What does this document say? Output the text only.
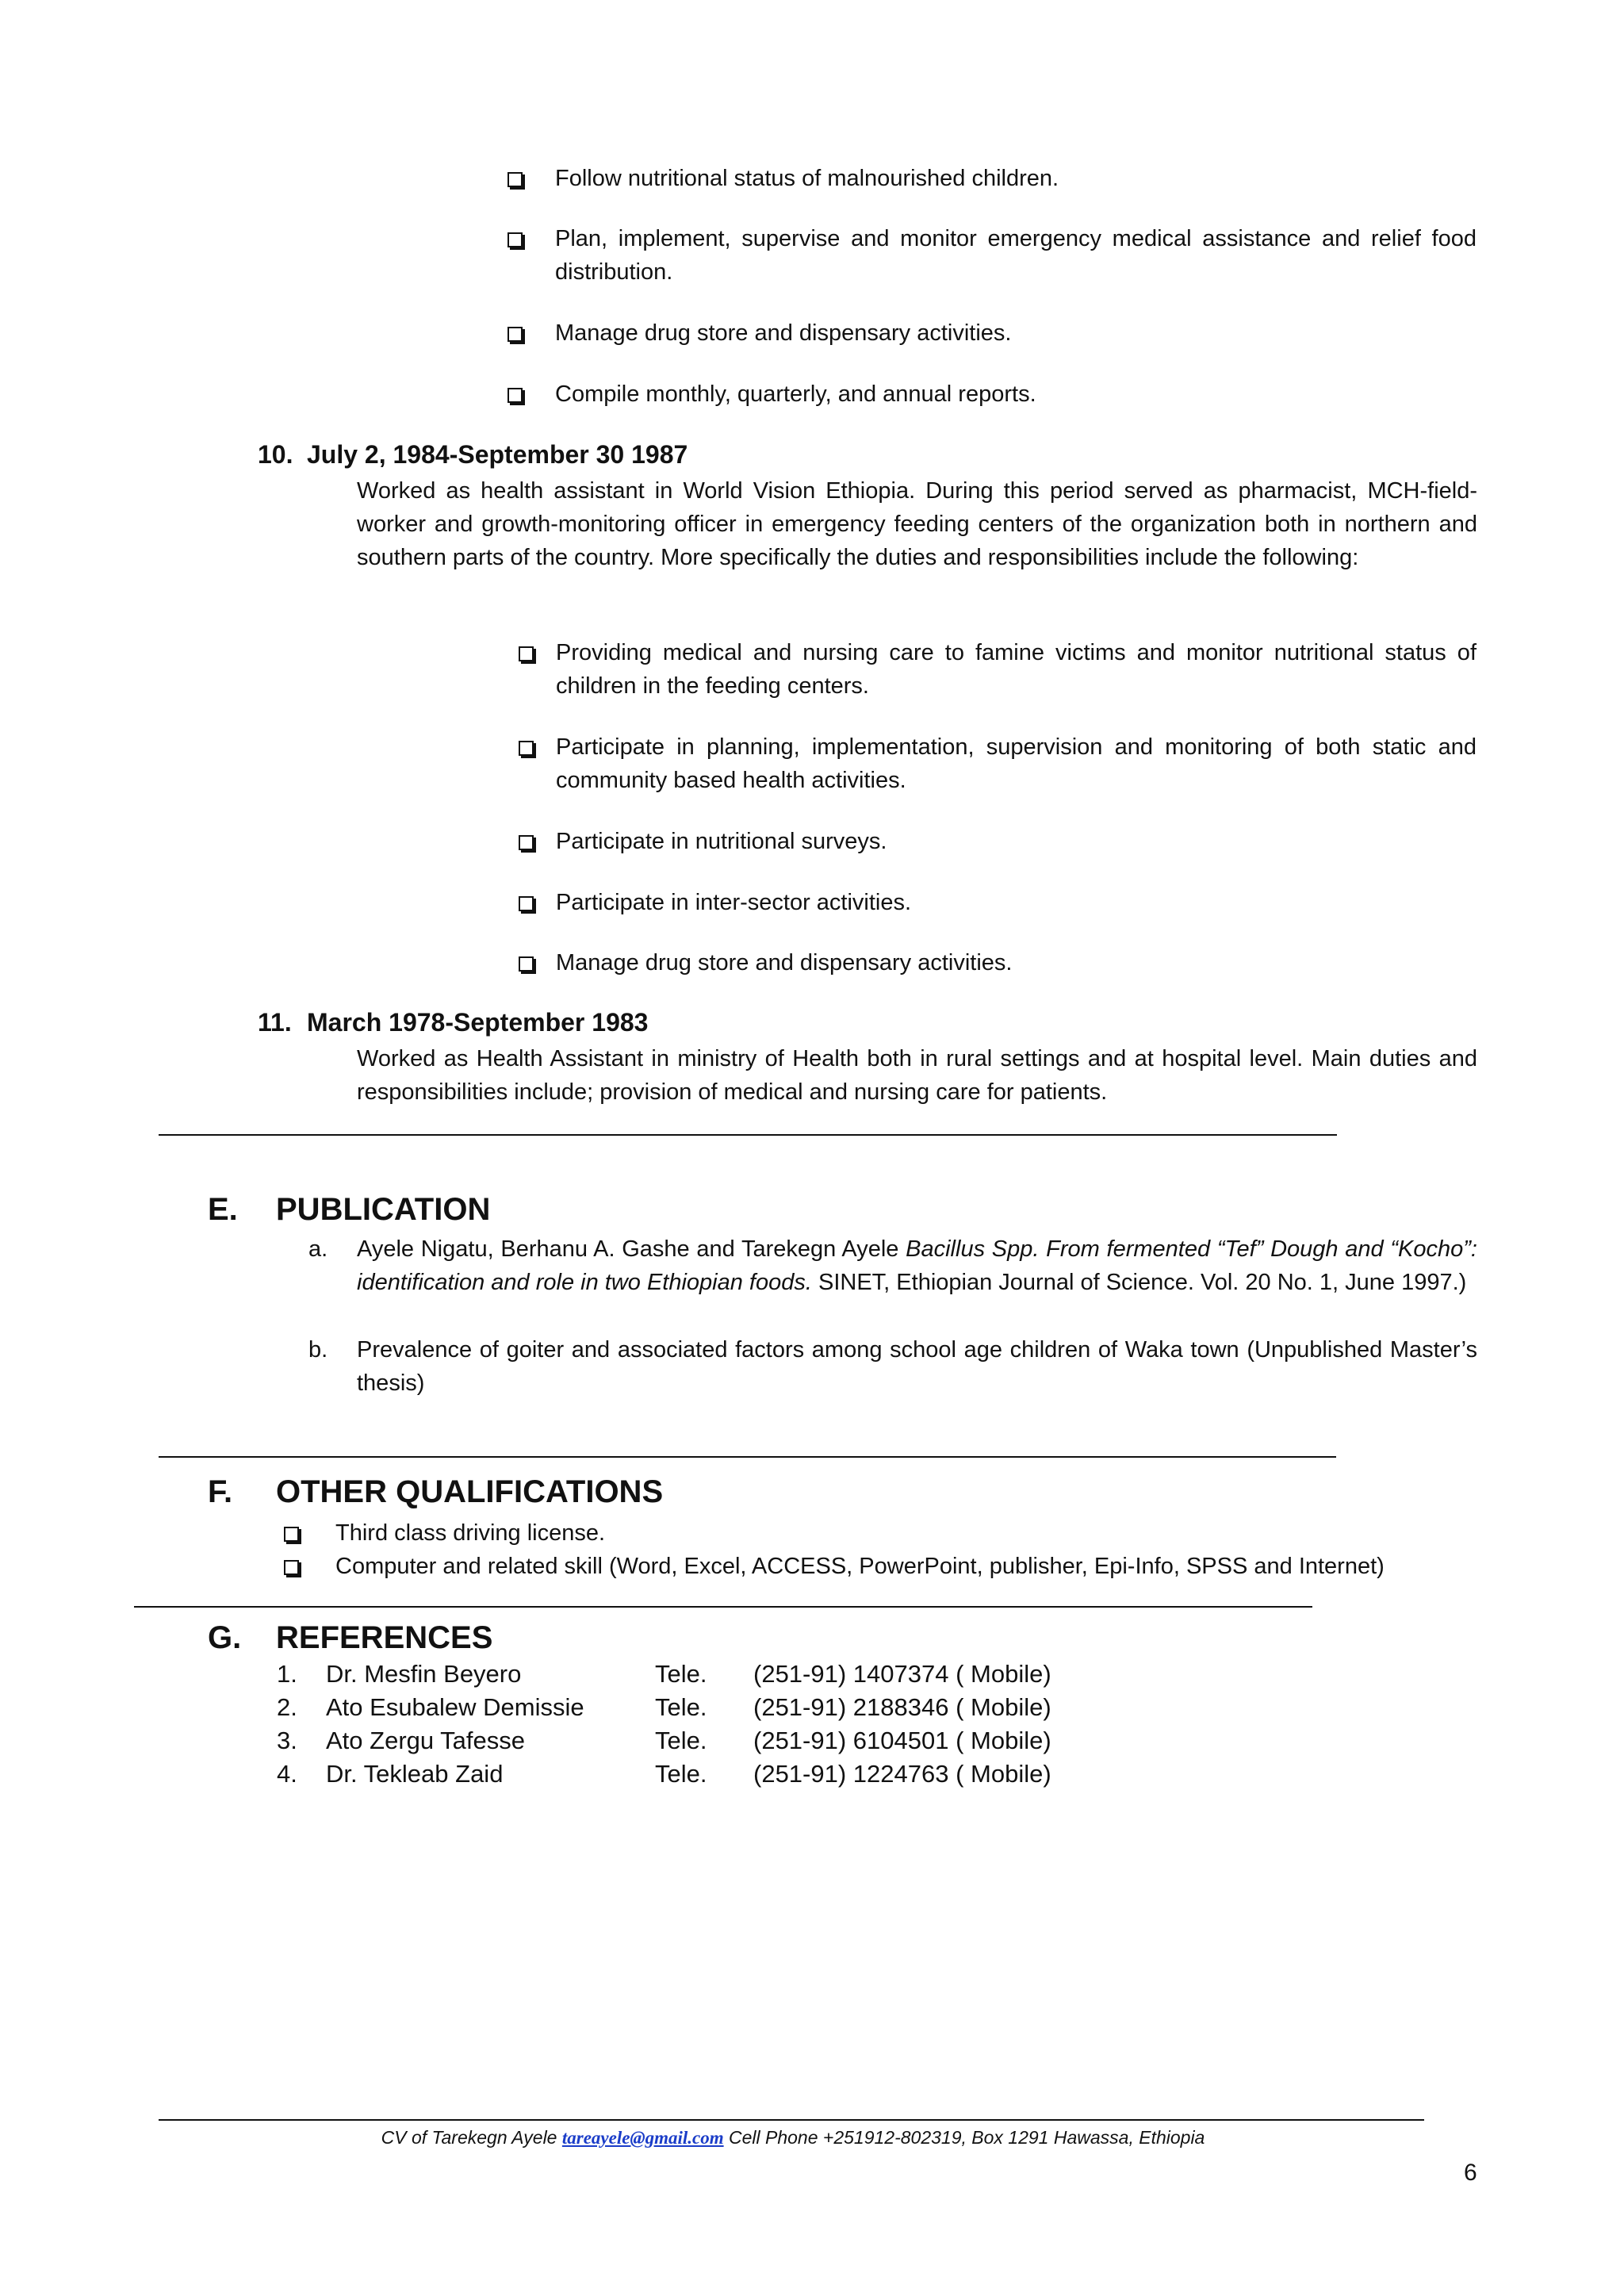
Follow nutritional status of malnourished children.
Plan, implement, supervise and monitor emergency medical assistance and relief food distribution.
Manage drug store and dispensary activities.
Compile monthly, quarterly, and annual reports.
10. July 2, 1984-September 30 1987
Worked as health assistant in World Vision Ethiopia. During this period served as pharmacist, MCH-field-worker and growth-monitoring officer in emergency feeding centers of the organization both in northern and southern parts of the country. More specifically the duties and responsibilities include the following:
Providing medical and nursing care to famine victims and monitor nutritional status of children in the feeding centers.
Participate in planning, implementation, supervision and monitoring of both static and community based health activities.
Participate in nutritional surveys.
Participate in inter-sector activities.
Manage drug store and dispensary activities.
11. March 1978-September 1983
Worked as Health Assistant in ministry of Health both in rural settings and at hospital level. Main duties and responsibilities include; provision of medical and nursing care for patients.
E. PUBLICATION
a.	Ayele Nigatu, Berhanu A. Gashe and Tarekegn Ayele Bacillus Spp. From fermented “Tef” Dough and “Kocho”: identification and role in two Ethiopian foods. SINET, Ethiopian Journal of Science. Vol. 20 No. 1, June 1997.)
b.	Prevalence of goiter and associated factors among school age children of Waka town (Unpublished Master’s thesis)
F. OTHER QUALIFICATIONS
Third class driving license.
Computer and related skill (Word, Excel, ACCESS, PowerPoint, publisher, Epi-Info, SPSS and Internet)
G. REFERENCES
1.	Dr. Mesfin Beyero	Tele.	(251-91) 1407374 ( Mobile)
2.	Ato Esubalew Demissie	Tele.	(251-91) 2188346 ( Mobile)
3.	Ato Zergu Tafesse	Tele.	(251-91) 6104501 ( Mobile)
4.	Dr. Tekleab Zaid	Tele.	(251-91) 1224763 ( Mobile)
CV of Tarekegn Ayele tareayele@gmail.com Cell Phone +251912-802319, Box 1291 Hawassa, Ethiopia
6
